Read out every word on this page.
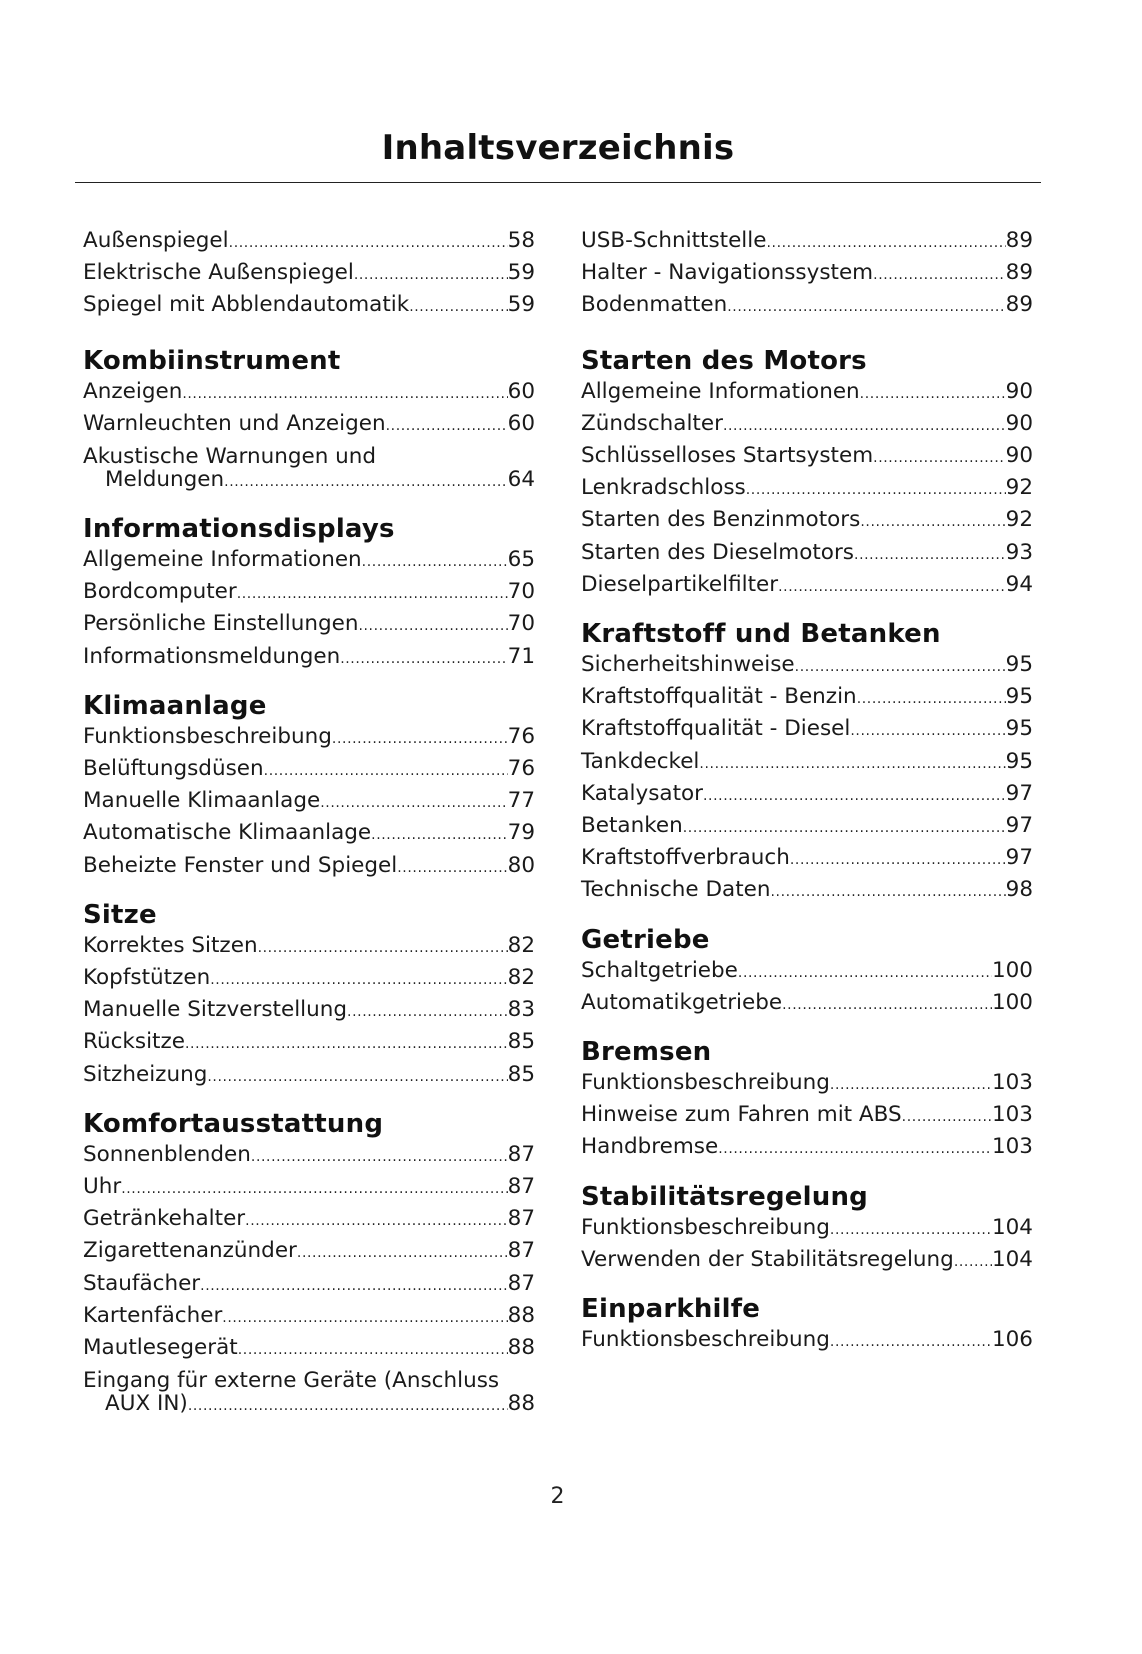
Inhaltsverzeichnis
Außenspiegel .....	58
Elektrische Außenspiegel .....	59
Spiegel mit Abblendautomatik .....	59
Kombiinstrument
Anzeigen .....	60
Warnleuchten und Anzeigen .....	60
Akustische Warnungen und
Meldungen .....	64
Informationsdisplays
Allgemeine Informationen .....	65
Bordcomputer .....	70
Persönliche Einstellungen .....	70
Informationsmeldungen .....	71
Klimaanlage
Funktionsbeschreibung .....	76
Belüftungsdüsen .....	76
Manuelle Klimaanlage .....	77
Automatische Klimaanlage .....	79
Beheizte Fenster und Spiegel .....	80
Sitze
Korrektes Sitzen .....	82
Kopfstützen .....	82
Manuelle Sitzverstellung .....	83
Rücksitze .....	85
Sitzheizung .....	85
Komfortausstattung
Sonnenblenden .....	87
Uhr .....	87
Getränkehalter .....	87
Zigarettenanzünder .....	87
Staufächer .....	87
Kartenfächer .....	88
Mautlesegerät .....	88
Eingang für externe Geräte (Anschluss
AUX IN) .....	88
USB-Schnittstelle .....	89
Halter - Navigationssystem .....	89
Bodenmatten .....	89
Starten des Motors
Allgemeine Informationen .....	90
Zündschalter .....	90
Schlüsselloses Startsystem .....	90
Lenkradschloss .....	92
Starten des Benzinmotors .....	92
Starten des Dieselmotors .....	93
Dieselpartikelfilter .....	94
Kraftstoff und Betanken
Sicherheitshinweise .....	95
Kraftstoffqualität - Benzin .....	95
Kraftstoffqualität - Diesel .....	95
Tankdeckel .....	95
Katalysator .....	97
Betanken .....	97
Kraftstoffverbrauch .....	97
Technische Daten .....	98
Getriebe
Schaltgetriebe .....	100
Automatikgetriebe .....	100
Bremsen
Funktionsbeschreibung .....	103
Hinweise zum Fahren mit ABS .....	103
Handbremse .....	103
Stabilitätsregelung
Funktionsbeschreibung .....	104
Verwenden der Stabilitätsregelung ..... 104
Einparkhilfe
Funktionsbeschreibung .....	106
2
